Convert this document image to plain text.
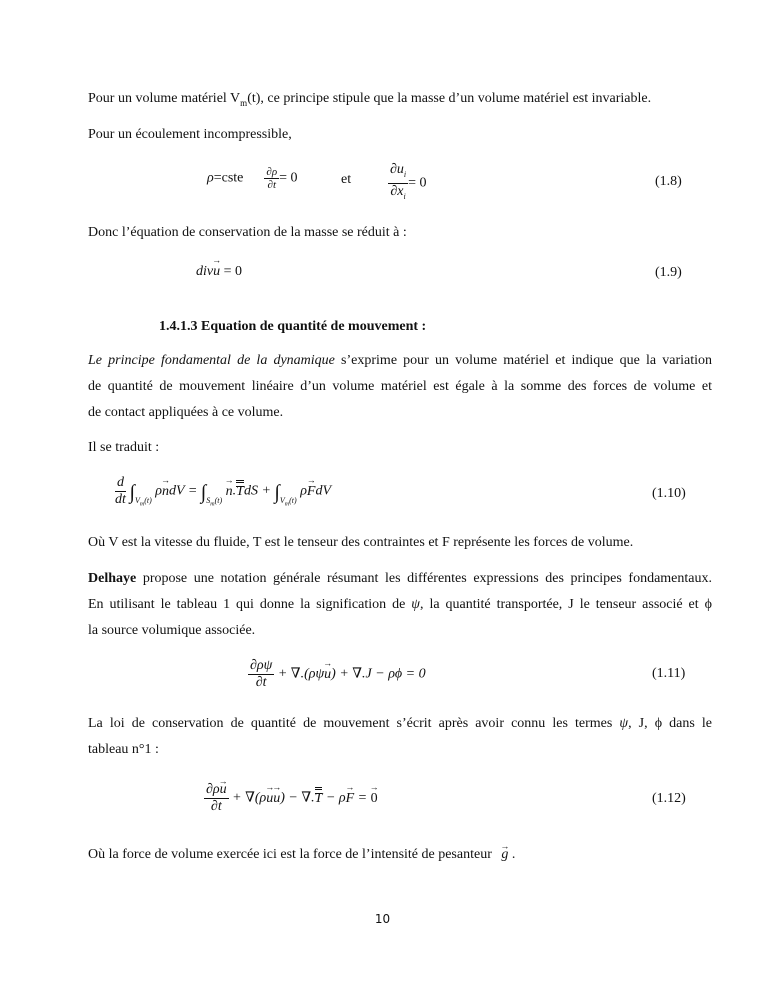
Pour un volume matériel $V_m(t)$, ce principe stipule que la masse d’un volume matériel est invariable.
Pour un écoulement incompressible,
ρ=cste $\frac{\partial\rho}{\partial t} = 0$	et	$\frac{\partial u_i}{\partial x_i} = 0$	(1.8)
Donc l’équation de conservation de la masse se réduit à :
div→ u = 0	(1.9)
1.4.1.3 Equation de quantité de mouvement :
Le principe fondamental de la dynamique s’exprime pour un volume matériel et indique que la variation
de quantité de mouvement linéaire d’un volume matériel est égale à la somme des forces de volume et
de contact appliquées à ce volume.
Il se traduit :
$\frac{d}{dt} \int_{V_m(t)}$ ρ→ ndV = $\int_{S_m(t)} \to n.TdS + \int_{V_m(t)}$ ρ→ FdV	(1.10)
Où V est la vitesse du fluide, T est le tenseur des contraintes et F représente les forces de volume.
Delhaye propose une notation générale résumant les différentes expressions des principes fondamentaux.
En utilisant le tableau 1 qui donne la signification de ψ, la quantité transportée, J le tenseur associé et ϕ
la source volumique associée.
$\frac{\partial\rho\psi}{\partial t} + \nabla.(\rho\psi\to u) + \nabla.J - \rho\phi = 0$	(1.11)
La loi de conservation de quantité de mouvement s’écrit après avoir connu les termes ψ, J, ϕ dans le
tableau n°1 :
$\frac{\partial\rho\to u}{\partial t} + \nabla(\rho\to u\to u) - \nabla.T - \rho\to F$ = → 0	(1.12)
Où la force de volume exercée ici est la force de l’intensité de pesanteur → g .
10
